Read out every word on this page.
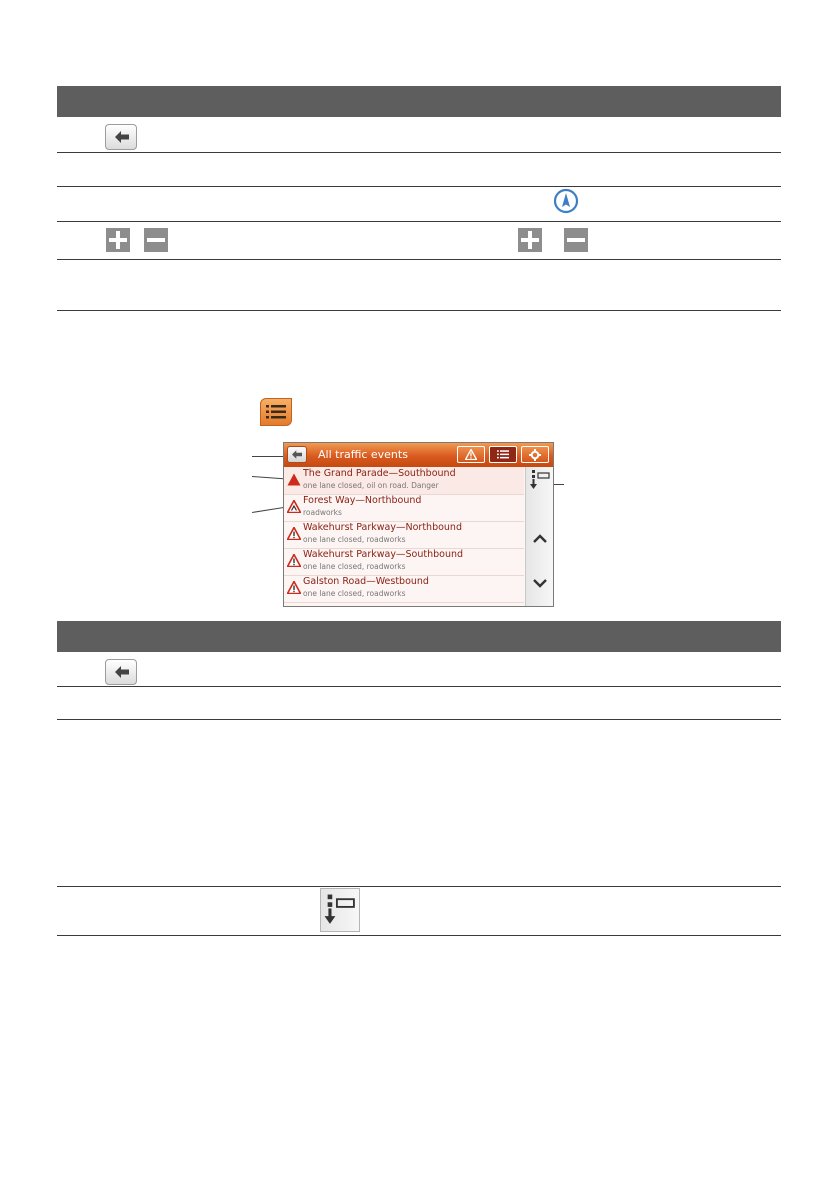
All traffic events
The Grand Parade—Southbound
one lane closed, oil on road. Danger
Forest Way—Northbound
roadworks
Wakehurst Parkway—Northbound
one lane closed, roadworks
Wakehurst Parkway—Southbound
one lane closed, roadworks
Galston Road—Westbound
one lane closed, roadworks
